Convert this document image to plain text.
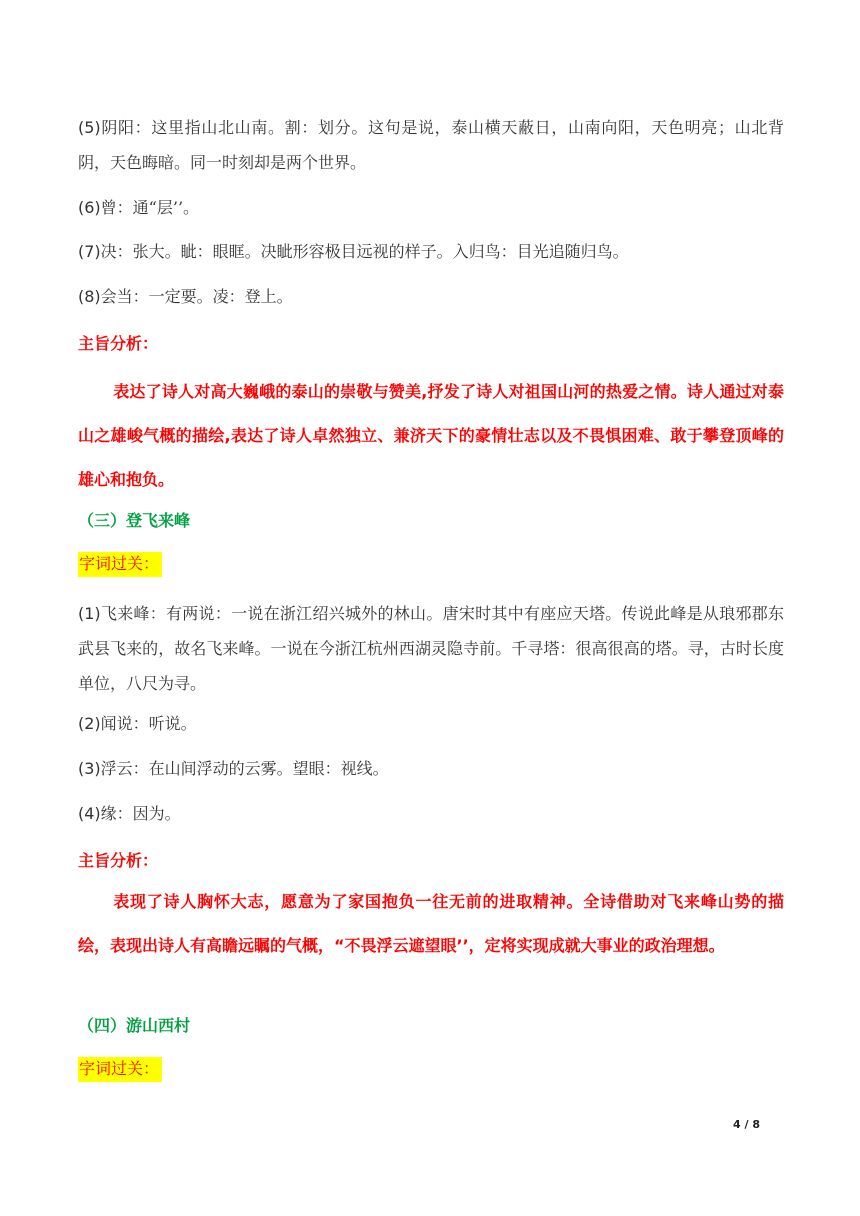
(5)阴阳：这里指山北山南。割：划分。这句是说，泰山横天蔽日，山南向阳，天色明亮；山北背阴，天色晦暗。同一时刻却是两个世界。
(6)曾：通“层’’。
(7)决：张大。眦：眼眶。决眦形容极目远视的样子。入归鸟：目光追随归鸟。
(8)会当：一定要。凌：登上。
主旨分析：
表达了诗人对高大巍峨的泰山的崇敬与赞美,抒发了诗人对祖国山河的热爱之情。诗人通过对泰山之雄峻气概的描绘,表达了诗人卓然独立、兼济天下的豪情壮志以及不畏惧困难、敢于攀登顶峰的雄心和抱负。
（三）登飞来峰
字词过关：
(1)飞来峰：有两说：一说在浙江绍兴城外的林山。唐宋时其中有座应天塔。传说此峰是从琅邪郡东武县飞来的，故名飞来峰。一说在今浙江杭州西湖灵隐寺前。千寻塔：很高很高的塔。寻，古时长度单位，八尺为寻。
(2)闻说：听说。
(3)浮云：在山间浮动的云雾。望眼：视线。
(4)缘：因为。
主旨分析：
表现了诗人胸怀大志，愿意为了家国抱负一往无前的进取精神。全诗借助对飞来峰山势的描绘，表现出诗人有高瞻远瞩的气概，“不畏浮云遮望眼’’，定将实现成就大事业的政治理想。
（四）游山西村
字词过关：
4 / 8
